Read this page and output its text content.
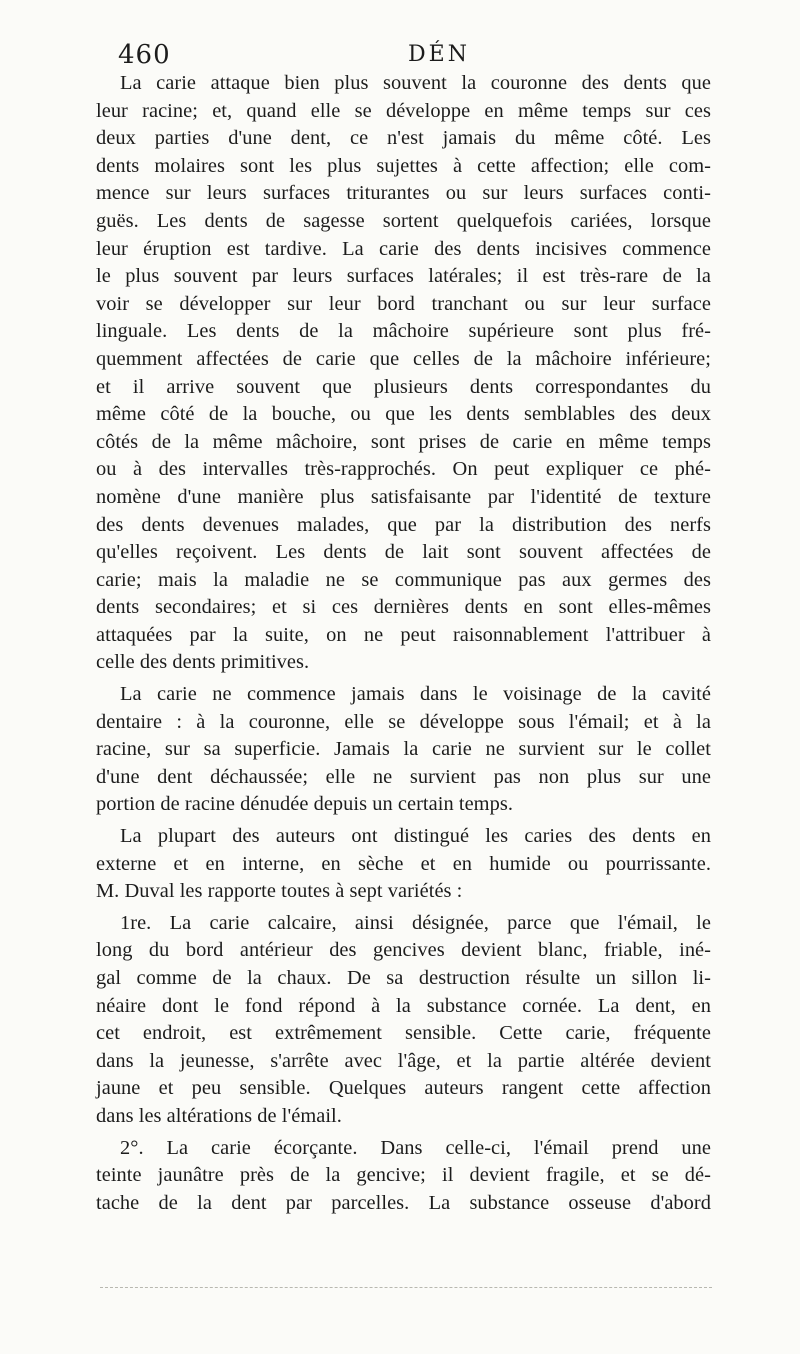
460	DÉN

La carie attaque bien plus souvent la couronne des dents que
leur racine; et, quand elle se développe en même temps sur ces
deux parties d'une dent, ce n'est jamais du même côté. Les
dents molaires sont les plus sujettes à cette affection; elle com-
mence sur leurs surfaces triturantes ou sur leurs surfaces conti-
guës. Les dents de sagesse sortent quelquefois cariées, lorsque
leur éruption est tardive. La carie des dents incisives commence
le plus souvent par leurs surfaces latérales; il est très-rare de la
voir se développer sur leur bord tranchant ou sur leur surface
linguale. Les dents de la mâchoire supérieure sont plus fré-
quemment affectées de carie que celles de la mâchoire inférieure;
et il arrive souvent que plusieurs dents correspondantes du
même côté de la bouche, ou que les dents semblables des deux
côtés de la même mâchoire, sont prises de carie en même temps
ou à des intervalles très-rapprochés. On peut expliquer ce phé-
nomène d'une manière plus satisfaisante par l'identité de texture
des dents devenues malades, que par la distribution des nerfs
qu'elles reçoivent. Les dents de lait sont souvent affectées de
carie; mais la maladie ne se communique pas aux germes des
dents secondaires; et si ces dernières dents en sont elles-mêmes
attaquées par la suite, on ne peut raisonnablement l'attribuer à
celle des dents primitives.

La carie ne commence jamais dans le voisinage de la cavité
dentaire : à la couronne, elle se développe sous l'émail; et à la
racine, sur sa superficie. Jamais la carie ne survient sur le collet
d'une dent déchaussée; elle ne survient pas non plus sur une
portion de racine dénudée depuis un certain temps.

La plupart des auteurs ont distingué les caries des dents en
externe et en interne, en sèche et en humide ou pourrissante.
M. Duval les rapporte toutes à sept variétés :

1re. La carie calcaire, ainsi désignée, parce que l'émail, le
long du bord antérieur des gencives devient blanc, friable, iné-
gal comme de la chaux. De sa destruction résulte un sillon li-
néaire dont le fond répond à la substance cornée. La dent, en
cet endroit, est extrêmement sensible. Cette carie, fréquente
dans la jeunesse, s'arrête avec l'âge, et la partie altérée devient
jaune et peu sensible. Quelques auteurs rangent cette affection
dans les altérations de l'émail.

2°. La carie écorçante. Dans celle-ci, l'émail prend une
teinte jaunâtre près de la gencive; il devient fragile, et se dé-
tache de la dent par parcelles. La substance osseuse d'abord
